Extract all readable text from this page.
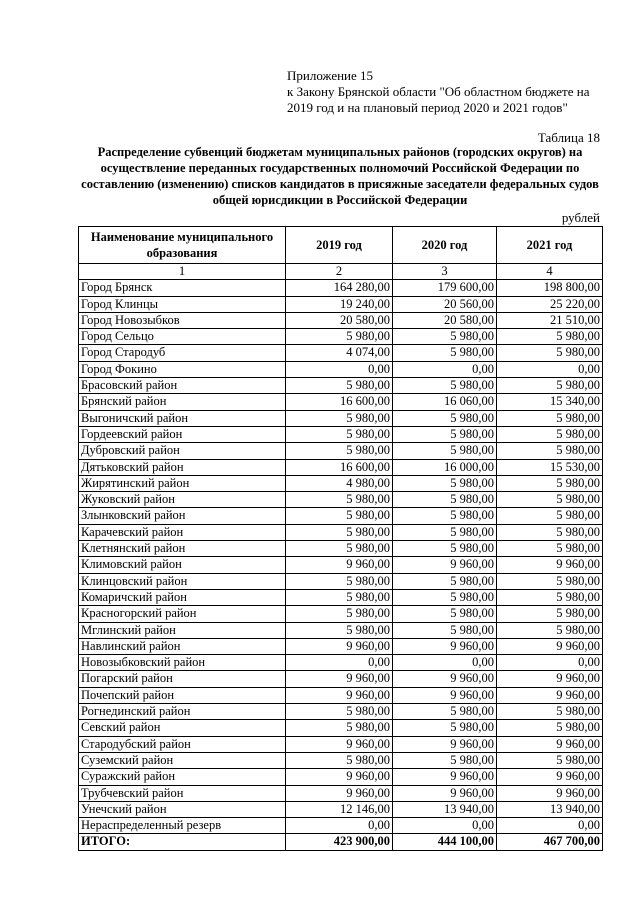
Приложение 15
к Закону Брянской области "Об областном бюджете на
2019 год и на плановый период 2020 и 2021 годов"
Таблица 18
Распределение субвенций бюджетам муниципальных районов (городских округов) на осуществление переданных государственных полномочий Российской Федерации по составлению (изменению) списков кандидатов в присяжные заседатели федеральных судов общей юрисдикции в Российской Федерации
рублей
Наименование муниципального образования	2019 год	2020 год	2021 год
1	2	3	4
Город Брянск	164 280,00	179 600,00	198 800,00
Город Клинцы	19 240,00	20 560,00	25 220,00
Город Новозыбков	20 580,00	20 580,00	21 510,00
Город Сельцо	5 980,00	5 980,00	5 980,00
Город Стародуб	4 074,00	5 980,00	5 980,00
Город Фокино	0,00	0,00	0,00
Брасовский район	5 980,00	5 980,00	5 980,00
Брянский район	16 600,00	16 060,00	15 340,00
Выгоничский район	5 980,00	5 980,00	5 980,00
Гордеевский район	5 980,00	5 980,00	5 980,00
Дубровский район	5 980,00	5 980,00	5 980,00
Дятьковский район	16 600,00	16 000,00	15 530,00
Жирятинский район	4 980,00	5 980,00	5 980,00
Жуковский район	5 980,00	5 980,00	5 980,00
Злынковский район	5 980,00	5 980,00	5 980,00
Карачевский район	5 980,00	5 980,00	5 980,00
Клетнянский район	5 980,00	5 980,00	5 980,00
Климовский район	9 960,00	9 960,00	9 960,00
Клинцовский район	5 980,00	5 980,00	5 980,00
Комаричский район	5 980,00	5 980,00	5 980,00
Красногорский район	5 980,00	5 980,00	5 980,00
Мглинский район	5 980,00	5 980,00	5 980,00
Навлинский район	9 960,00	9 960,00	9 960,00
Новозыбковский район	0,00	0,00	0,00
Погарский район	9 960,00	9 960,00	9 960,00
Почепский район	9 960,00	9 960,00	9 960,00
Рогнединский район	5 980,00	5 980,00	5 980,00
Севский район	5 980,00	5 980,00	5 980,00
Стародубский район	9 960,00	9 960,00	9 960,00
Суземский район	5 980,00	5 980,00	5 980,00
Суражский район	9 960,00	9 960,00	9 960,00
Трубчевский район	9 960,00	9 960,00	9 960,00
Унечский район	12 146,00	13 940,00	13 940,00
Нераспределенный резерв	0,00	0,00	0,00
ИТОГО:	423 900,00	444 100,00	467 700,00
